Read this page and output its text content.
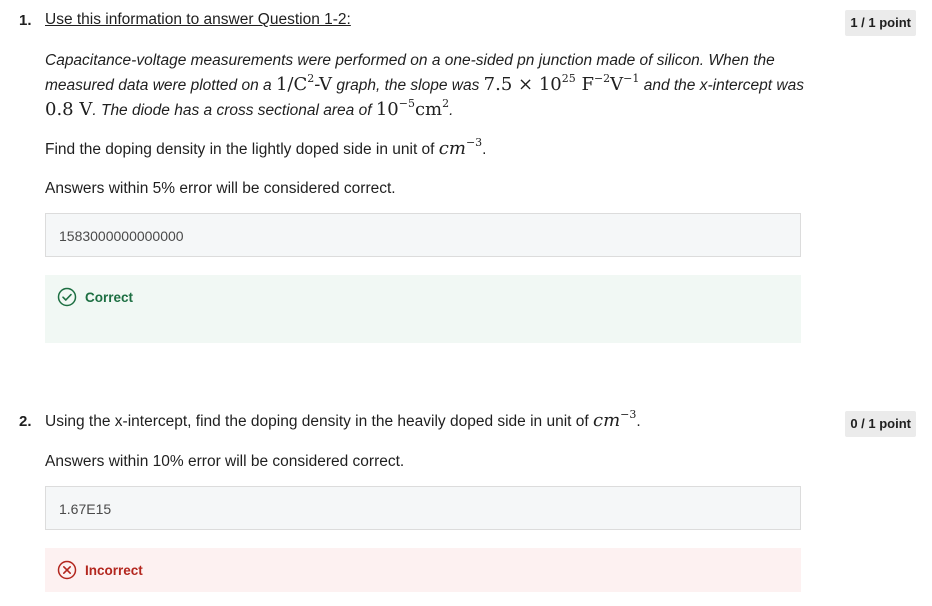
1. Use this information to answer Question 1-2:	1 / 1 point
Capacitance-voltage measurements were performed on a one-sided pn junction made of silicon. When the
measured data were plotted on a $1/C^2-V$ graph, the slope was $7.5 \times 10^{25}$ $F^{-2}V^{-1}$ and the x-intercept was
0.8 V. The diode has a cross sectional area of $10^{-5}cm^2$.
Find the doping density in the lightly doped side in unit of $cm^{-3}$.
Answers within 5% error will be considered correct.
1583000000000000
Correct
2. Using the x-intercept, find the doping density in the heavily doped side in unit of $cm^{-3}$.	0 / 1 point
Answers within 10% error will be considered correct.
1.67E15
Incorrect
